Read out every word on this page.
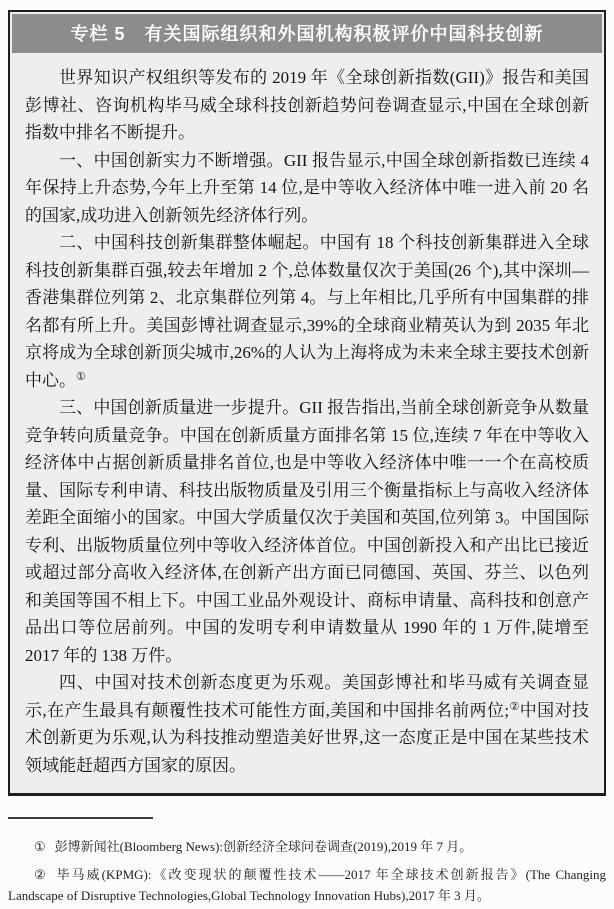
专栏 5　有关国际组织和外国机构积极评价中国科技创新

世界知识产权组织等发布的 2019 年《全球创新指数(GII)》报告和美国彭博社、咨询机构毕马威全球科技创新趋势问卷调查显示,中国在全球创新指数中排名不断提升。

一、中国创新实力不断增强。GII 报告显示,中国全球创新指数已连续 4 年保持上升态势,今年上升至第 14 位,是中等收入经济体中唯一进入前 20 名的国家,成功进入创新领先经济体行列。

二、中国科技创新集群整体崛起。中国有 18 个科技创新集群进入全球科技创新集群百强,较去年增加 2 个,总体数量仅次于美国(26 个),其中深圳—香港集群位列第 2、北京集群位列第 4。与上年相比,几乎所有中国集群的排名都有所上升。美国彭博社调查显示,39%的全球商业精英认为到 2035 年北京将成为全球创新顶尖城市,26%的人认为上海将成为未来全球主要技术创新中心。①

三、中国创新质量进一步提升。GII 报告指出,当前全球创新竞争从数量竞争转向质量竞争。中国在创新质量方面排名第 15 位,连续 7 年在中等收入经济体中占据创新质量排名首位,也是中等收入经济体中唯一一个在高校质量、国际专利申请、科技出版物质量及引用三个衡量指标上与高收入经济体差距全面缩小的国家。中国大学质量仅次于美国和英国,位列第 3。中国国际专利、出版物质量位列中等收入经济体首位。中国创新投入和产出比已接近或超过部分高收入经济体,在创新产出方面已同德国、英国、芬兰、以色列和美国等国不相上下。中国工业品外观设计、商标申请量、高科技和创意产品出口等位居前列。中国的发明专利申请数量从 1990 年的 1 万件,陡增至 2017 年的 138 万件。

四、中国对技术创新态度更为乐观。美国彭博社和毕马威有关调查显示,在产生最具有颠覆性技术可能性方面,美国和中国排名前两位;②中国对技术创新更为乐观,认为科技推动塑造美好世界,这一态度正是中国在某些技术领域能赶超西方国家的原因。

① 彭博新闻社(Bloomberg News):创新经济全球问卷调查(2019),2019 年 7 月。

② 毕马威(KPMG):《改变现状的颠覆性技术——2017 年全球技术创新报告》(The Changing Landscape of Disruptive Technologies,Global Technology Innovation Hubs),2017 年 3 月。
